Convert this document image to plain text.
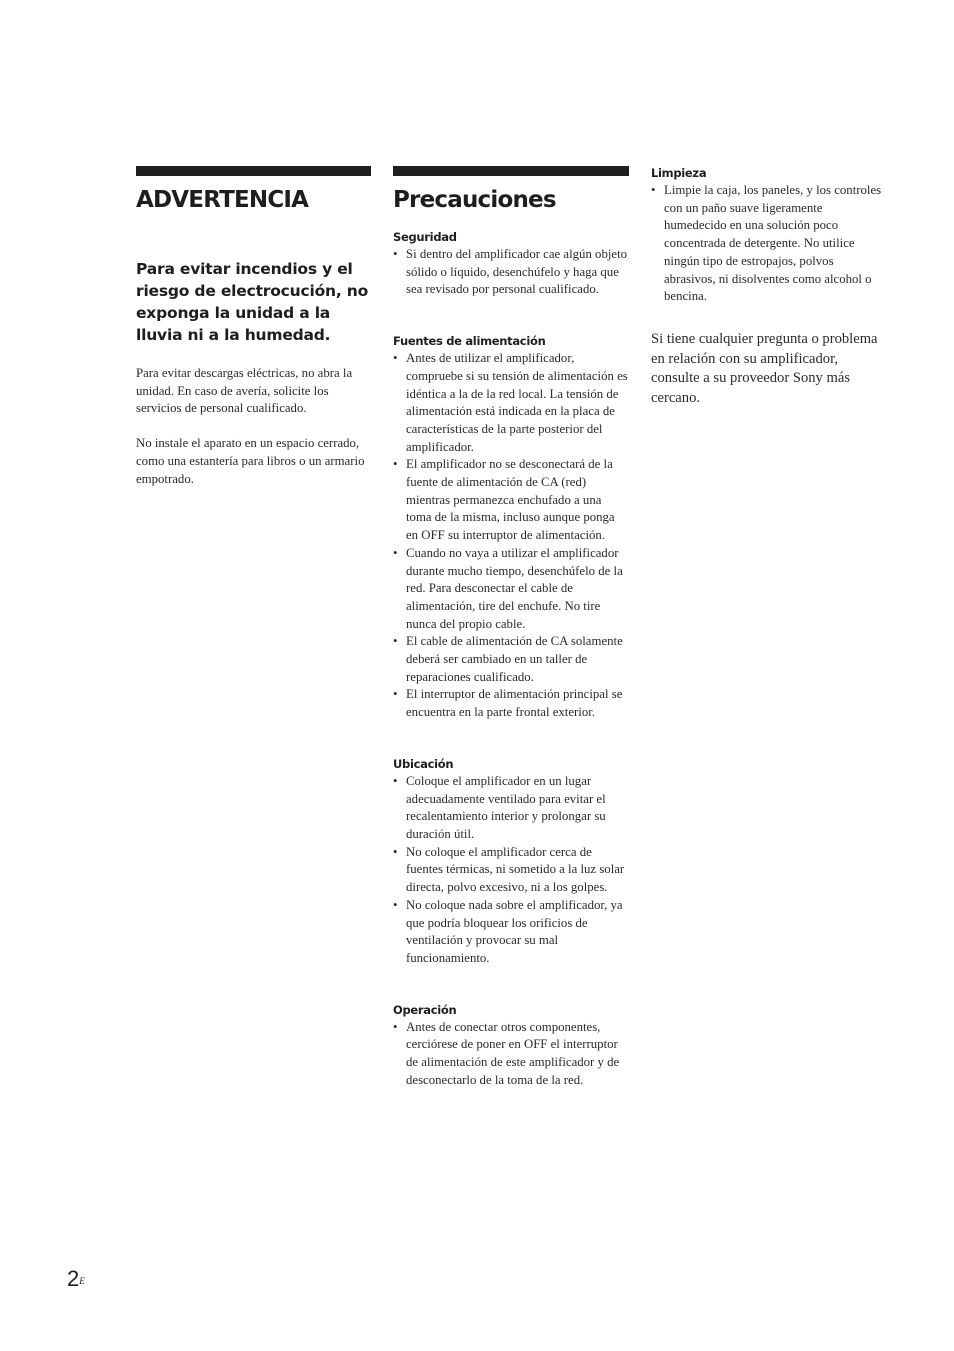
ADVERTENCIA

Para evitar incendios y el riesgo de electrocución, no exponga la unidad a la lluvia ni a la humedad.

Para evitar descargas eléctricas, no abra la unidad. En caso de avería, solicite los servicios de personal cualificado.

No instale el aparato en un espacio cerrado, como una estantería para libros o un armario empotrado.

Precauciones
Seguridad
• Si dentro del amplificador cae algún objeto sólido o líquido, desenchúfelo y haga que sea revisado por personal cualificado.
Fuentes de alimentación
• Antes de utilizar el amplificador, compruebe si su tensión de alimentación es idéntica a la de la red local. La tensión de alimentación está indicada en la placa de características de la parte posterior del amplificador.
• El amplificador no se desconectará de la fuente de alimentación de CA (red) mientras permanezca enchufado a una toma de la misma, incluso aunque ponga en OFF su interruptor de alimentación.
• Cuando no vaya a utilizar el amplificador durante mucho tiempo, desenchúfelo de la red. Para desconectar el cable de alimentación, tire del enchufe. No tire nunca del propio cable.
• El cable de alimentación de CA solamente deberá ser cambiado en un taller de reparaciones cualificado.
• El interruptor de alimentación principal se encuentra en la parte frontal exterior.
Ubicación
• Coloque el amplificador en un lugar adecuadamente ventilado para evitar el recalentamiento interior y prolongar su duración útil.
• No coloque el amplificador cerca de fuentes térmicas, ni sometido a la luz solar directa, polvo excesivo, ni a los golpes.
• No coloque nada sobre el amplificador, ya que podría bloquear los orificios de ventilación y provocar su mal funcionamiento.
Operación
• Antes de conectar otros componentes, cerciórese de poner en OFF el interruptor de alimentación de este amplificador y de desconectarlo de la toma de la red.
Limpieza
• Limpie la caja, los paneles, y los controles con un paño suave ligeramente humedecido en una solución poco concentrada de detergente. No utilice ningún tipo de estropajos, polvos abrasivos, ni disolventes como alcohol o bencina.

Si tiene cualquier pregunta o problema en relación con su amplificador, consulte a su proveedor Sony más cercano.

$2^E$
